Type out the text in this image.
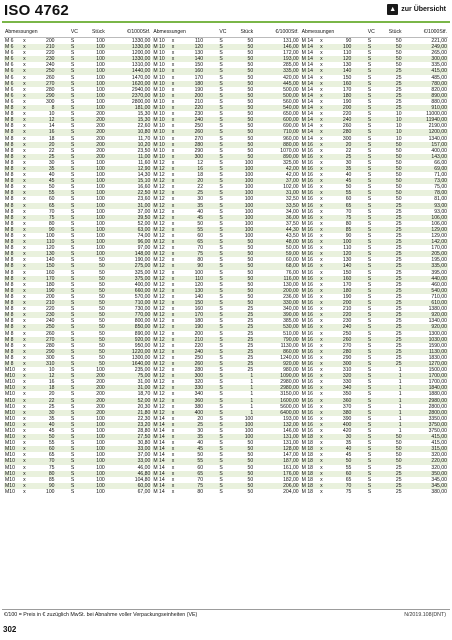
ISO 4762	▲ zur Übersicht
Abmessungen				VC	Stück	€/1000Stf.
M 6	x	200		S	100	1330,00
M 6	x	210		S	100	1330,00
M 6	x	220		S	100	1200,00
M 6	x	230		S	100	1330,00
M 6	x	240		S	100	1310,00
M 6	x	250		S	100	1440,00
M 6	x	260		S	100	1470,00
M 6	x	270		S	100	1620,00
M 6	x	280		S	100	2940,00
M 6	x	290		S	100	2370,00
M 6	x	300		S	100	2800,00
M 8	x	8		S	100	181,00
M 8	x	10		S	200	15,30
M 8	x	12		S	200	15,30
M 8	x	14		S	200	22,60
M 8	x	16		S	200	10,80
M 8	x	18		S	200	11,70
M 8	x	20		S	200	10,20
M 8	x	22		S	200	23,50
M 8	x	25		S	200	11,00
M 8	x	30		S	100	11,60
M 8	x	35		S	100	12,90
M 8	x	40		S	100	14,30
M 8	x	45		S	100	15,10
M 8	x	50		S	100	16,60
M 8	x	55		S	100	22,50
M 8	x	60		S	100	23,60
M 8	x	65		S	100	31,00
M 8	x	70		S	100	37,00
M 8	x	75		S	100	39,50
M 8	x	80		S	100	52,00
M 8	x	90		S	100	63,00
M 8	x	100		S	100	74,00
M 8	x	110		S	100	96,00
M 8	x	120		S	100	97,00
M 8	x	130		S	100	148,00
M 8	x	140		S	50	190,00
M 8	x	150		S	50	275,00
M 8	x	160		S	50	325,00
M 8	x	170		S	50	375,00
M 8	x	180		S	50	400,00
M 8	x	190		S	50	660,00
M 8	x	200		S	50	570,00
M 8	x	210		S	50	710,00
M 8	x	220		S	50	730,00
M 8	x	230		S	50	770,00
M 8	x	240		S	50	800,00
M 8	x	250		S	50	850,00
M 8	x	260		S	50	890,00
M 8	x	270		S	50	920,00
M 8	x	280		S	50	950,00
M 8	x	290		S	50	1220,00
M 8	x	300		S	50	1300,00
M 8	x	310		S	50	1640,00
M10	x	10		S	100	235,00
M10	x	12		S	200	75,00
M10	x	16		S	200	31,00
M10	x	18		S	200	31,00
M10	x	20		S	200	18,70
M10	x	22		S	200	52,00
M10	x	25		S	200	20,30
M10	x	30		S	200	21,80
M10	x	35		S	100	22,30
M10	x	40		S	100	23,20
M10	x	45		S	100	28,80
M10	x	50		S	100	27,50
M10	x	55		S	100	30,80
M10	x	60		S	100	33,00
M10	x	65		S	100	37,00
M10	x	70		S	100	33,00
M10	x	75		S	100	46,00
M10	x	80		S	100	46,80
M10	x	85		S	100	104,80
M10	x	90		S	100	60,00
M10	x	100		S	100	67,00
Abmessungen				VC	Stück	€/1000Stf.
M 10	x	110		S	50	131,00
M 10	x	120		S	50	146,00
M 10	x	130		S	50	172,00
M 10	x	140		S	50	193,00
M 10	x	150		S	50	285,00
M 10	x	160		S	50	335,00
M 10	x	170		S	50	420,00
M 10	x	180		S	50	445,00
M 10	x	190		S	50	500,00
M 10	x	200		S	50	500,00
M 10	x	210		S	50	560,00
M 10	x	220		S	50	540,00
M 10	x	230		S	50	650,00
M 10	x	240		S	50	600,00
M 10	x	250		S	50	690,00
M 10	x	260		S	50	710,00
M 10	x	270		S	50	960,00
M 10	x	280		S	50	880,00
M 10	x	290		S	50	1070,00
M 10	x	300		S	50	890,00
M 12	x	12		S	100	325,00
M 12	x	16		S	100	42,00
M 12	x	18		S	100	42,00
M 12	x	20		S	100	37,00
M 12	x	22		S	100	102,00
M 12	x	25		S	100	31,00
M 12	x	30		S	100	32,50
M 12	x	35		S	100	33,50
M 12	x	40		S	100	34,00
M 12	x	45		S	100	36,00
M 12	x	50		S	100	37,50
M 12	x	55		S	100	44,30
M 12	x	60		S	100	43,50
M 12	x	65		S	50	48,00
M 12	x	70		S	50	50,00
M 12	x	75		S	50	59,00
M 12	x	80		S	50	60,00
M 12	x	90		S	50	68,00
M 12	x	100		S	50	76,00
M 12	x	110		S	50	116,00
M 12	x	120		S	50	130,00
M 12	x	130		S	50	200,00
M 12	x	140		S	50	236,00
M 12	x	150		S	50	330,00
M 12	x	160		S	25	340,00
M 12	x	170		S	25	390,00
M 12	x	180		S	25	385,00
M 12	x	190		S	25	530,00
M 12	x	200		S	25	510,00
M 12	x	210		S	25	790,00
M 12	x	220		S	25	1130,00
M 12	x	240		S	25	860,00
M 12	x	250		S	25	1240,00
M 12	x	260		S	25	920,00
M 12	x	280		S	25	980,00
M 12	x	300		S	1	1090,00
M 12	x	320		S	1	2980,00
M 12	x	330		S	1	2980,00
M 12	x	340		S	1	3150,00
M 12	x	360		S	1	1600,00
M 12	x	380		S	1	5600,00
M 12	x	400		S	1	6400,00
M 14	x	20		S	100	193,00
M 14	x	25		S	100	132,00
M 14	x	30		S	100	146,00
M 14	x	35		S	100	131,00
M 14	x	40		S	50	131,00
M 14	x	45		S	50	128,00
M 14	x	50		S	50	147,00
M 14	x	55		S	50	187,00
M 14	x	60		S	50	161,00
M 14	x	65		S	50	176,00
M 14	x	70		S	50	182,00
M 14	x	75		S	50	206,00
M 14	x	80		S	50	204,00
Abmessungen				VC	Stück	€/1000Stf.
M 14	x	90		S	50	221,00
M 14	x	100		S	50	249,00
M 14	x	110		S	50	265,00
M 14	x	120		S	50	300,00
M 14	x	130		S	50	335,00
M 14	x	140		S	25	415,00
M 14	x	150		S	25	485,00
M 14	x	160		S	25	780,00
M 14	x	170		S	25	820,00
M 14	x	180		S	25	890,00
M 14	x	190		S	25	880,00
M 14	x	200		S	25	910,00
M 14	x	220		S	10	11000,00
M 14	x	240		S	10	11940,00
M 14	x	260		S	10	2190,00
M 14	x	280		S	10	1200,00
M 14	x	300		S	10	1340,00
M 16	x	20		S	50	157,00
M 16	x	22		S	50	400,00
M 16	x	25		S	50	143,00
M 16	x	30		S	50	66,00
M 16	x	35		S	50	69,00
M 16	x	40		S	50	71,00
M 16	x	45		S	50	73,00
M 16	x	50		S	50	75,00
M 16	x	55		S	50	78,00
M 16	x	60		S	50	81,00
M 16	x	65		S	25	93,00
M 16	x	70		S	25	93,00
M 16	x	75		S	25	106,00
M 16	x	80		S	25	106,00
M 16	x	85		S	25	129,00
M 16	x	90		S	25	129,00
M 16	x	100		S	25	142,00
M 16	x	110		S	25	170,00
M 16	x	120		S	25	205,00
M 16	x	130		S	25	195,00
M 16	x	140		S	25	335,00
M 16	x	150		S	25	395,00
M 16	x	160		S	25	440,00
M 16	x	170		S	25	460,00
M 16	x	180		S	25	540,00
M 16	x	190		S	25	710,00
M 16	x	200		S	25	610,00
M 16	x	210		S	25	1380,00
M 16	x	220		S	25	920,00
M 16	x	230		S	25	1340,00
M 16	x	240		S	25	920,00
M 16	x	250		S	25	1300,00
M 16	x	260		S	25	1030,00
M 16	x	270		S	25	1590,00
M 16	x	280		S	25	1130,00
M 16	x	290		S	25	1830,00
M 16	x	300		S	25	1270,00
M 16	x	310		S	1	1500,00
M 16	x	320		S	1	1700,00
M 16	x	330		S	1	1700,00
M 16	x	340		S	1	1840,00
M 16	x	350		S	1	1880,00
M 16	x	360		S	1	2980,00
M 16	x	370		S	1	2800,00
M 16	x	380		S	1	2800,00
M 16	x	390		S	1	3350,00
M 16	x	400		S	1	3750,00
M 16	x	420		S	1	3750,00
M 18	x	30		S	50	415,00
M 18	x	35		S	50	415,00
M 18	x	40		S	50	315,00
M 18	x	45		S	50	320,00
M 18	x	50		S	50	220,00
M 18	x	55		S	25	320,00
M 18	x	60		S	25	350,00
M 18	x	65		S	25	345,00
M 18	x	70		S	25	345,00
M 18	x	75		S	25	380,00
€/100 = Preis in € zuzüglich MwSt. bei Abnahme voller Verpackungseinheiten (VE)	N/2019.108(DNT)
302
